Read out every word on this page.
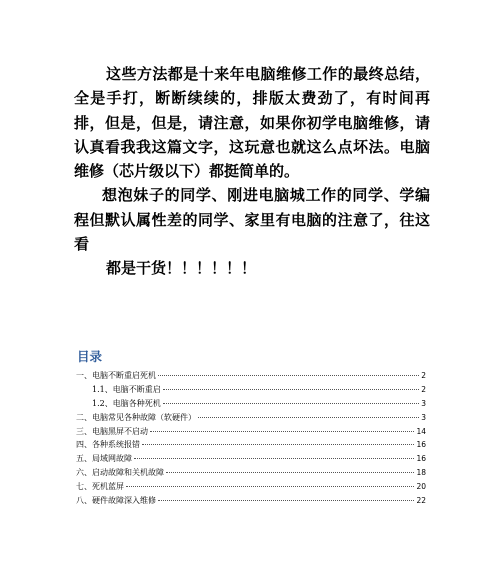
这些方法都是十来年电脑维修工作的最终总结，全是手打，断断续续的，排版太费劲了，有时间再排，但是，但是，请注意，如果你初学电脑维修，请认真看我我这篇文字，这玩意也就这么点坏法。电脑维修（芯片级以下）都挺简单的。

想泡妹子的同学、刚进电脑城工作的同学、学编程但默认属性差的同学、家里有电脑的注意了，往这看

都是干货！！！！！！

目录
一、电脑不断重启死机	2
1.1、电脑不断重启	2
1.2、电脑各种死机	3
二、电脑常见各种故障（软硬件）	3
三、电脑黑屏不启动	14
四、各种系统报错	16
五、局域网故障	16
六、启动故障和关机故障	18
七、死机蓝屏	20
八、硬件故障深入维修	22
